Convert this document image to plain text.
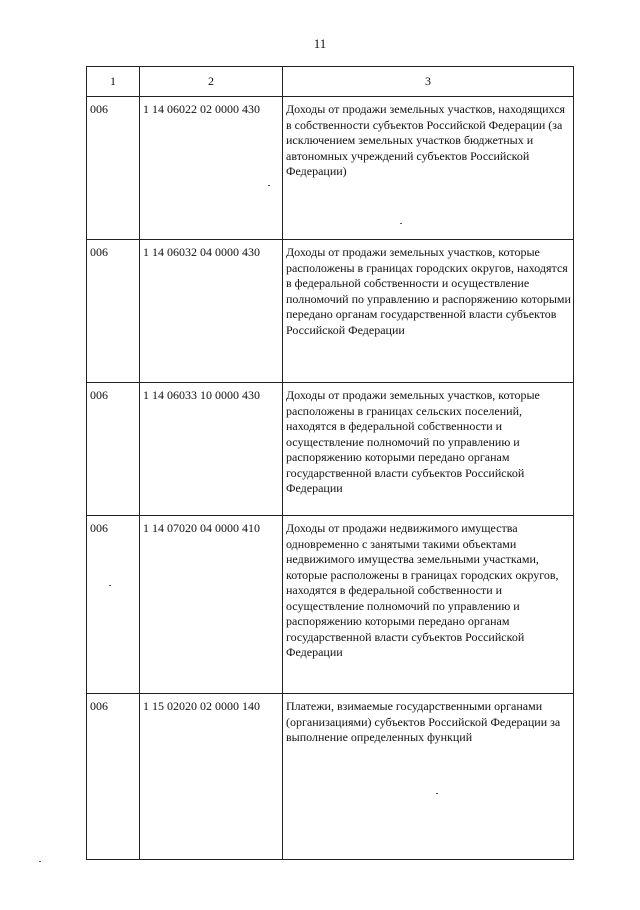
11
1	2	3
006	1 14 06022 02 0000 430	Доходы от продажи земельных участков, находящихся в собственности субъектов Российской Федерации (за исключением земельных участков бюджетных и автономных учреждений субъектов Российской Федерации)
006	1 14 06032 04 0000 430	Доходы от продажи земельных участков, которые расположены в границах городских округов, находятся в федеральной собственности и осуществление полномочий по управлению и распоряжению которыми передано органам государственной власти субъектов Российской Федерации
006	1 14 06033 10 0000 430	Доходы от продажи земельных участков, которые расположены в границах сельских поселений, находятся в федеральной собственности и осуществление полномочий по управлению и распоряжению которыми передано органам государственной власти субъектов Российской Федерации
006	1 14 07020 04 0000 410	Доходы от продажи недвижимого имущества одновременно с занятыми такими объектами недвижимого имущества земельными участками, которые расположены в границах городских округов, находятся в федеральной собственности и осуществление полномочий по управлению и распоряжению которыми передано органам государственной власти субъектов Российской Федерации
006	1 15 02020 02 0000 140	Платежи, взимаемые государственными органами (организациями) субъектов Российской Федерации за выполнение определенных функций
